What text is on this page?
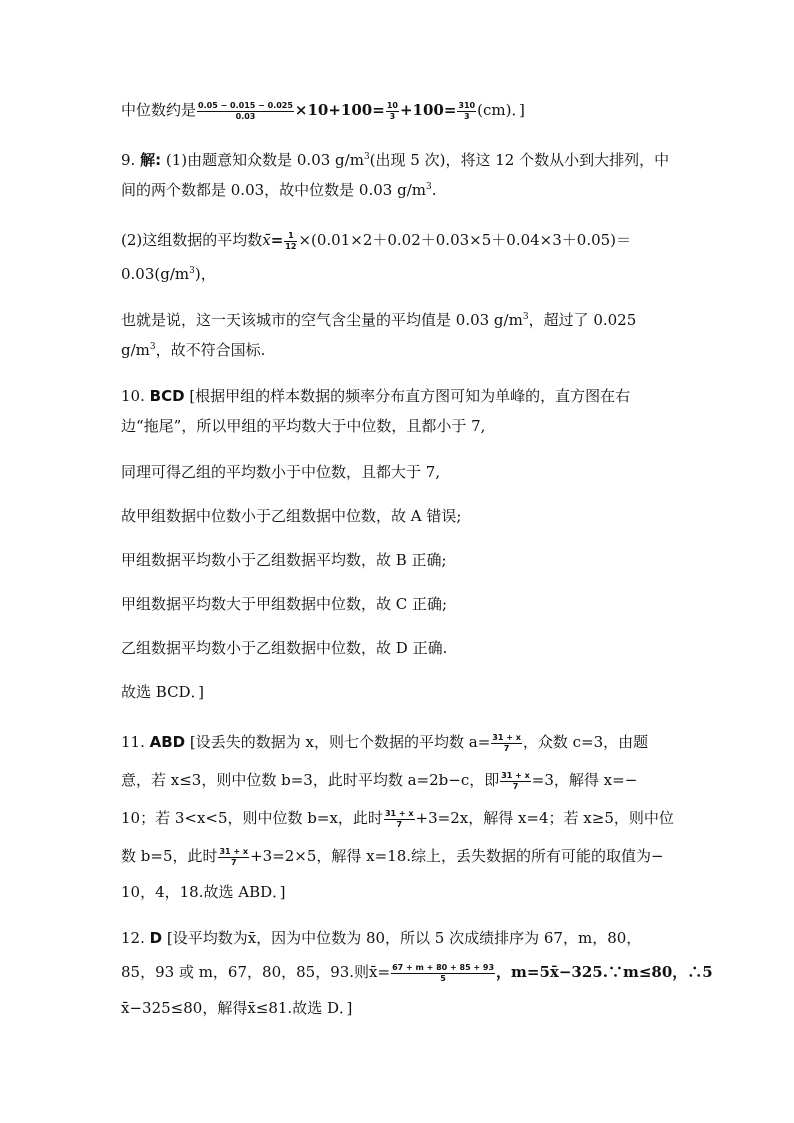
中位数约是 $\frac{0.05 - 0.015 - 0.025}{0.03} \times 10+100= \frac{10}{3} +100= \frac{310}{3} (cm)$．]
9. 解: (1)由题意知众数是 0.03 $g/m^3$(出现 5 次)，将这 12 个数从小到大排列，中
间的两个数都是 0.03，故中位数是 0.03 $g/m^3$.
(2)这组数据的平均数x̄= $\frac{1}{12} \times(0.01\times 2+0.02+0.03\times 5+0.04\times 3+0.05)=$
$0.03(g/m^3)$，
也就是说，这一天该城市的空气含尘量的平均值是 0.03 $g/m^3$，超过了 0.025
$g/m^3$，故不符合国标.
10. BCD [根据甲组的样本数据的频率分布直方图可知为单峰的，直方图在右
边“拖尾”，所以甲组的平均数大于中位数，且都小于 7,
同理可得乙组的平均数小于中位数，且都大于 7,
故甲组数据中位数小于乙组数据中位数，故 A 错误;
甲组数据平均数小于乙组数据平均数，故 B 正确;
甲组数据平均数大于甲组数据中位数，故 C 正确;
乙组数据平均数小于乙组数据中位数，故 D 正确.
故选 BCD．]
11. ABD [设丢失的数据为 x，则七个数据的平均数 $a= \frac{31 + x}{7}$ ，众数 c=3，由题
意，若 x≤3，则中位数 b=3，此时平均数 a=2b−c，即 $\frac{31 + x}{7} =3$，解得 x=−
10；若 3<x<5，则中位数 b=x，此时 $\frac{31 + x}{7} +3=2x$，解得 x=4；若 x≥5，则中位
数 b=5，此时 $\frac{31 + x}{7} +3=2\times 5$，解得 x=18.综上，丢失数据的所有可能的取值为−
10，4，18.故选 ABD．]
12. D [设平均数为x̄，因为中位数为 80，所以 5 次成绩排序为 67，m，80，
85，93 或 m，67，80，85，93.则x̄= $\frac{67 + m + 80 + 85 + 93}{5}$ ，m=5x̄−325.∵m≤80，∴5
x̄−325≤80，解得x̄≤81.故选 D．]
